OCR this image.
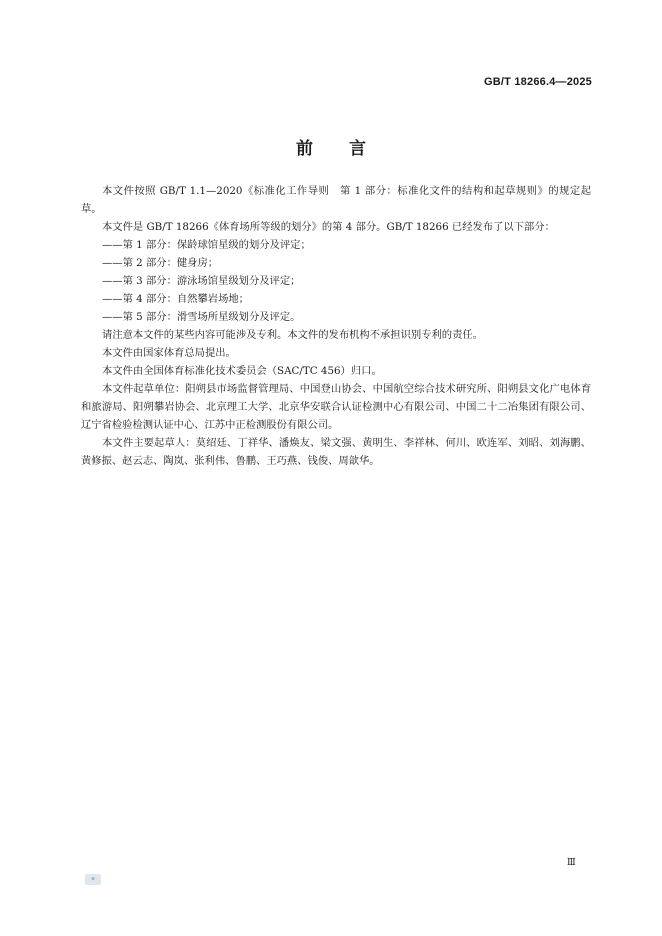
GB/T 18266.4—2025
前 言

本文件按照 GB/T 1.1—2020《标准化工作导则　第 1 部分：标准化文件的结构和起草规则》的规定起草。

本文件是 GB/T 18266《体育场所等级的划分》的第 4 部分。GB/T 18266 已经发布了以下部分：

——第 1 部分：保龄球馆星级的划分及评定；

——第 2 部分：健身房；

——第 3 部分：游泳场馆星级划分及评定；

——第 4 部分：自然攀岩场地；

——第 5 部分：滑雪场所星级划分及评定。

请注意本文件的某些内容可能涉及专利。本文件的发布机构不承担识别专利的责任。

本文件由国家体育总局提出。

本文件由全国体育标准化技术委员会（SAC/TC 456）归口。

本文件起草单位：阳朔县市场监督管理局、中国登山协会、中国航空综合技术研究所、阳朔县文化广电体育和旅游局、阳朔攀岩协会、北京理工大学、北京华安联合认证检测中心有限公司、中国二十二冶集团有限公司、辽宁省检验检测认证中心、江苏中正检测股份有限公司。

本文件主要起草人：莫绍廷、丁祥华、潘焕友、梁文强、黄明生、李祥林、何川、欧连军、刘昭、刘海鹏、黄修振、赵云志、陶岚、张利伟、鲁鹏、王巧燕、钱俊、周歆华。

Ⅲ
◆
